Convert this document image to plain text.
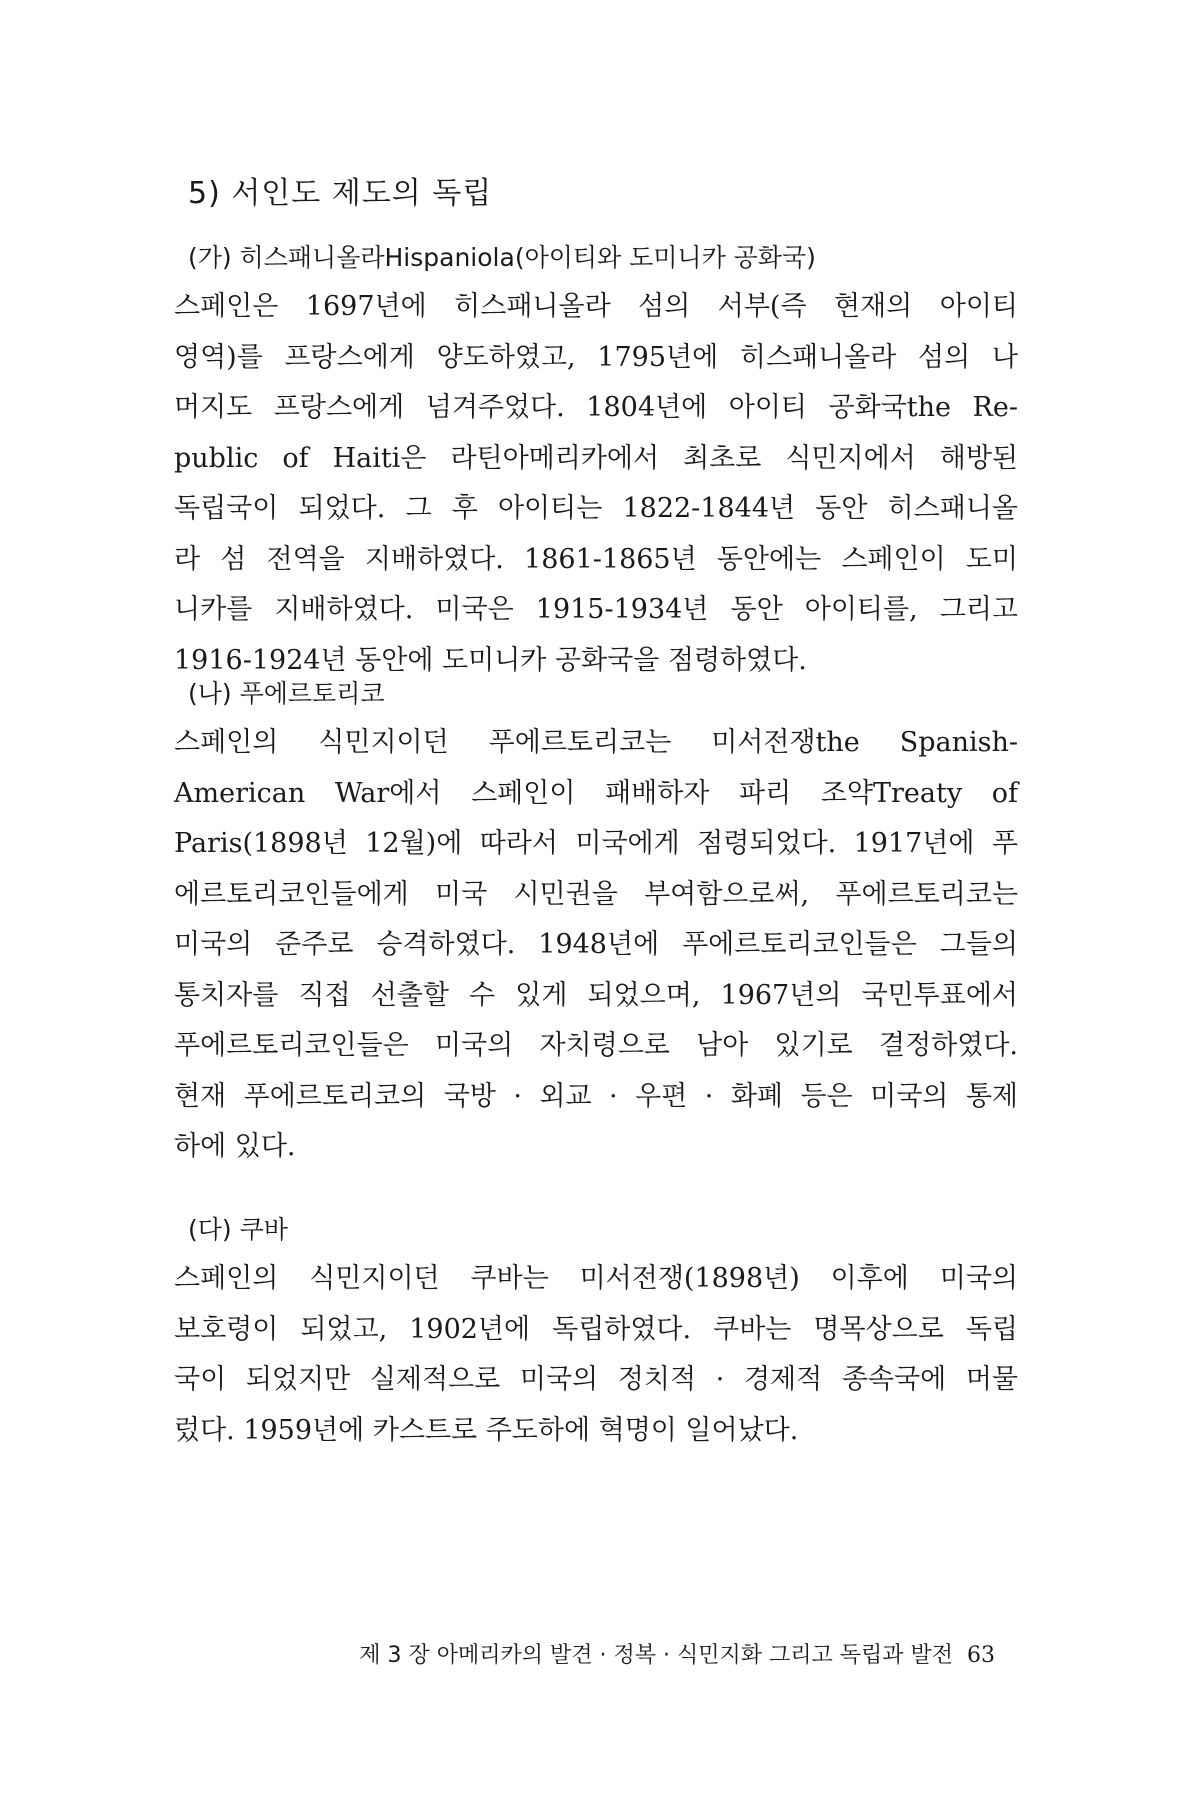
5) 서인도 제도의 독립
(가) 히스패니올라Hispaniola(아이티와 도미니카 공화국)
스페인은 1697년에 히스패니올라 섬의 서부(즉 현재의 아이티
영역)를 프랑스에게 양도하였고, 1795년에 히스패니올라 섬의 나
머지도 프랑스에게 넘겨주었다. 1804년에 아이티 공화국the Re-
public of Haiti은 라틴아메리카에서 최초로 식민지에서 해방된
독립국이 되었다. 그 후 아이티는 1822-1844년 동안 히스패니올
라 섬 전역을 지배하였다. 1861-1865년 동안에는 스페인이 도미
니카를 지배하였다. 미국은 1915-1934년 동안 아이티를, 그리고
1916-1924년 동안에 도미니카 공화국을 점령하였다.
(나) 푸에르토리코
스페인의 식민지이던 푸에르토리코는 미서전쟁the Spanish-
American War에서 스페인이 패배하자 파리 조약Treaty of
Paris(1898년 12월)에 따라서 미국에게 점령되었다. 1917년에 푸
에르토리코인들에게 미국 시민권을 부여함으로써, 푸에르토리코는
미국의 준주로 승격하였다. 1948년에 푸에르토리코인들은 그들의
통치자를 직접 선출할 수 있게 되었으며, 1967년의 국민투표에서
푸에르토리코인들은 미국의 자치령으로 남아 있기로 결정하였다.
현재 푸에르토리코의 국방 · 외교 · 우편 · 화폐 등은 미국의 통제
하에 있다.
(다) 쿠바
스페인의 식민지이던 쿠바는 미서전쟁(1898년) 이후에 미국의
보호령이 되었고, 1902년에 독립하였다. 쿠바는 명목상으로 독립
국이 되었지만 실제적으로 미국의 정치적 · 경제적 종속국에 머물
렀다. 1959년에 카스트로 주도하에 혁명이 일어났다.
제 3 장 아메리카의 발견 · 정복 · 식민지화 그리고 독립과 발전 63
